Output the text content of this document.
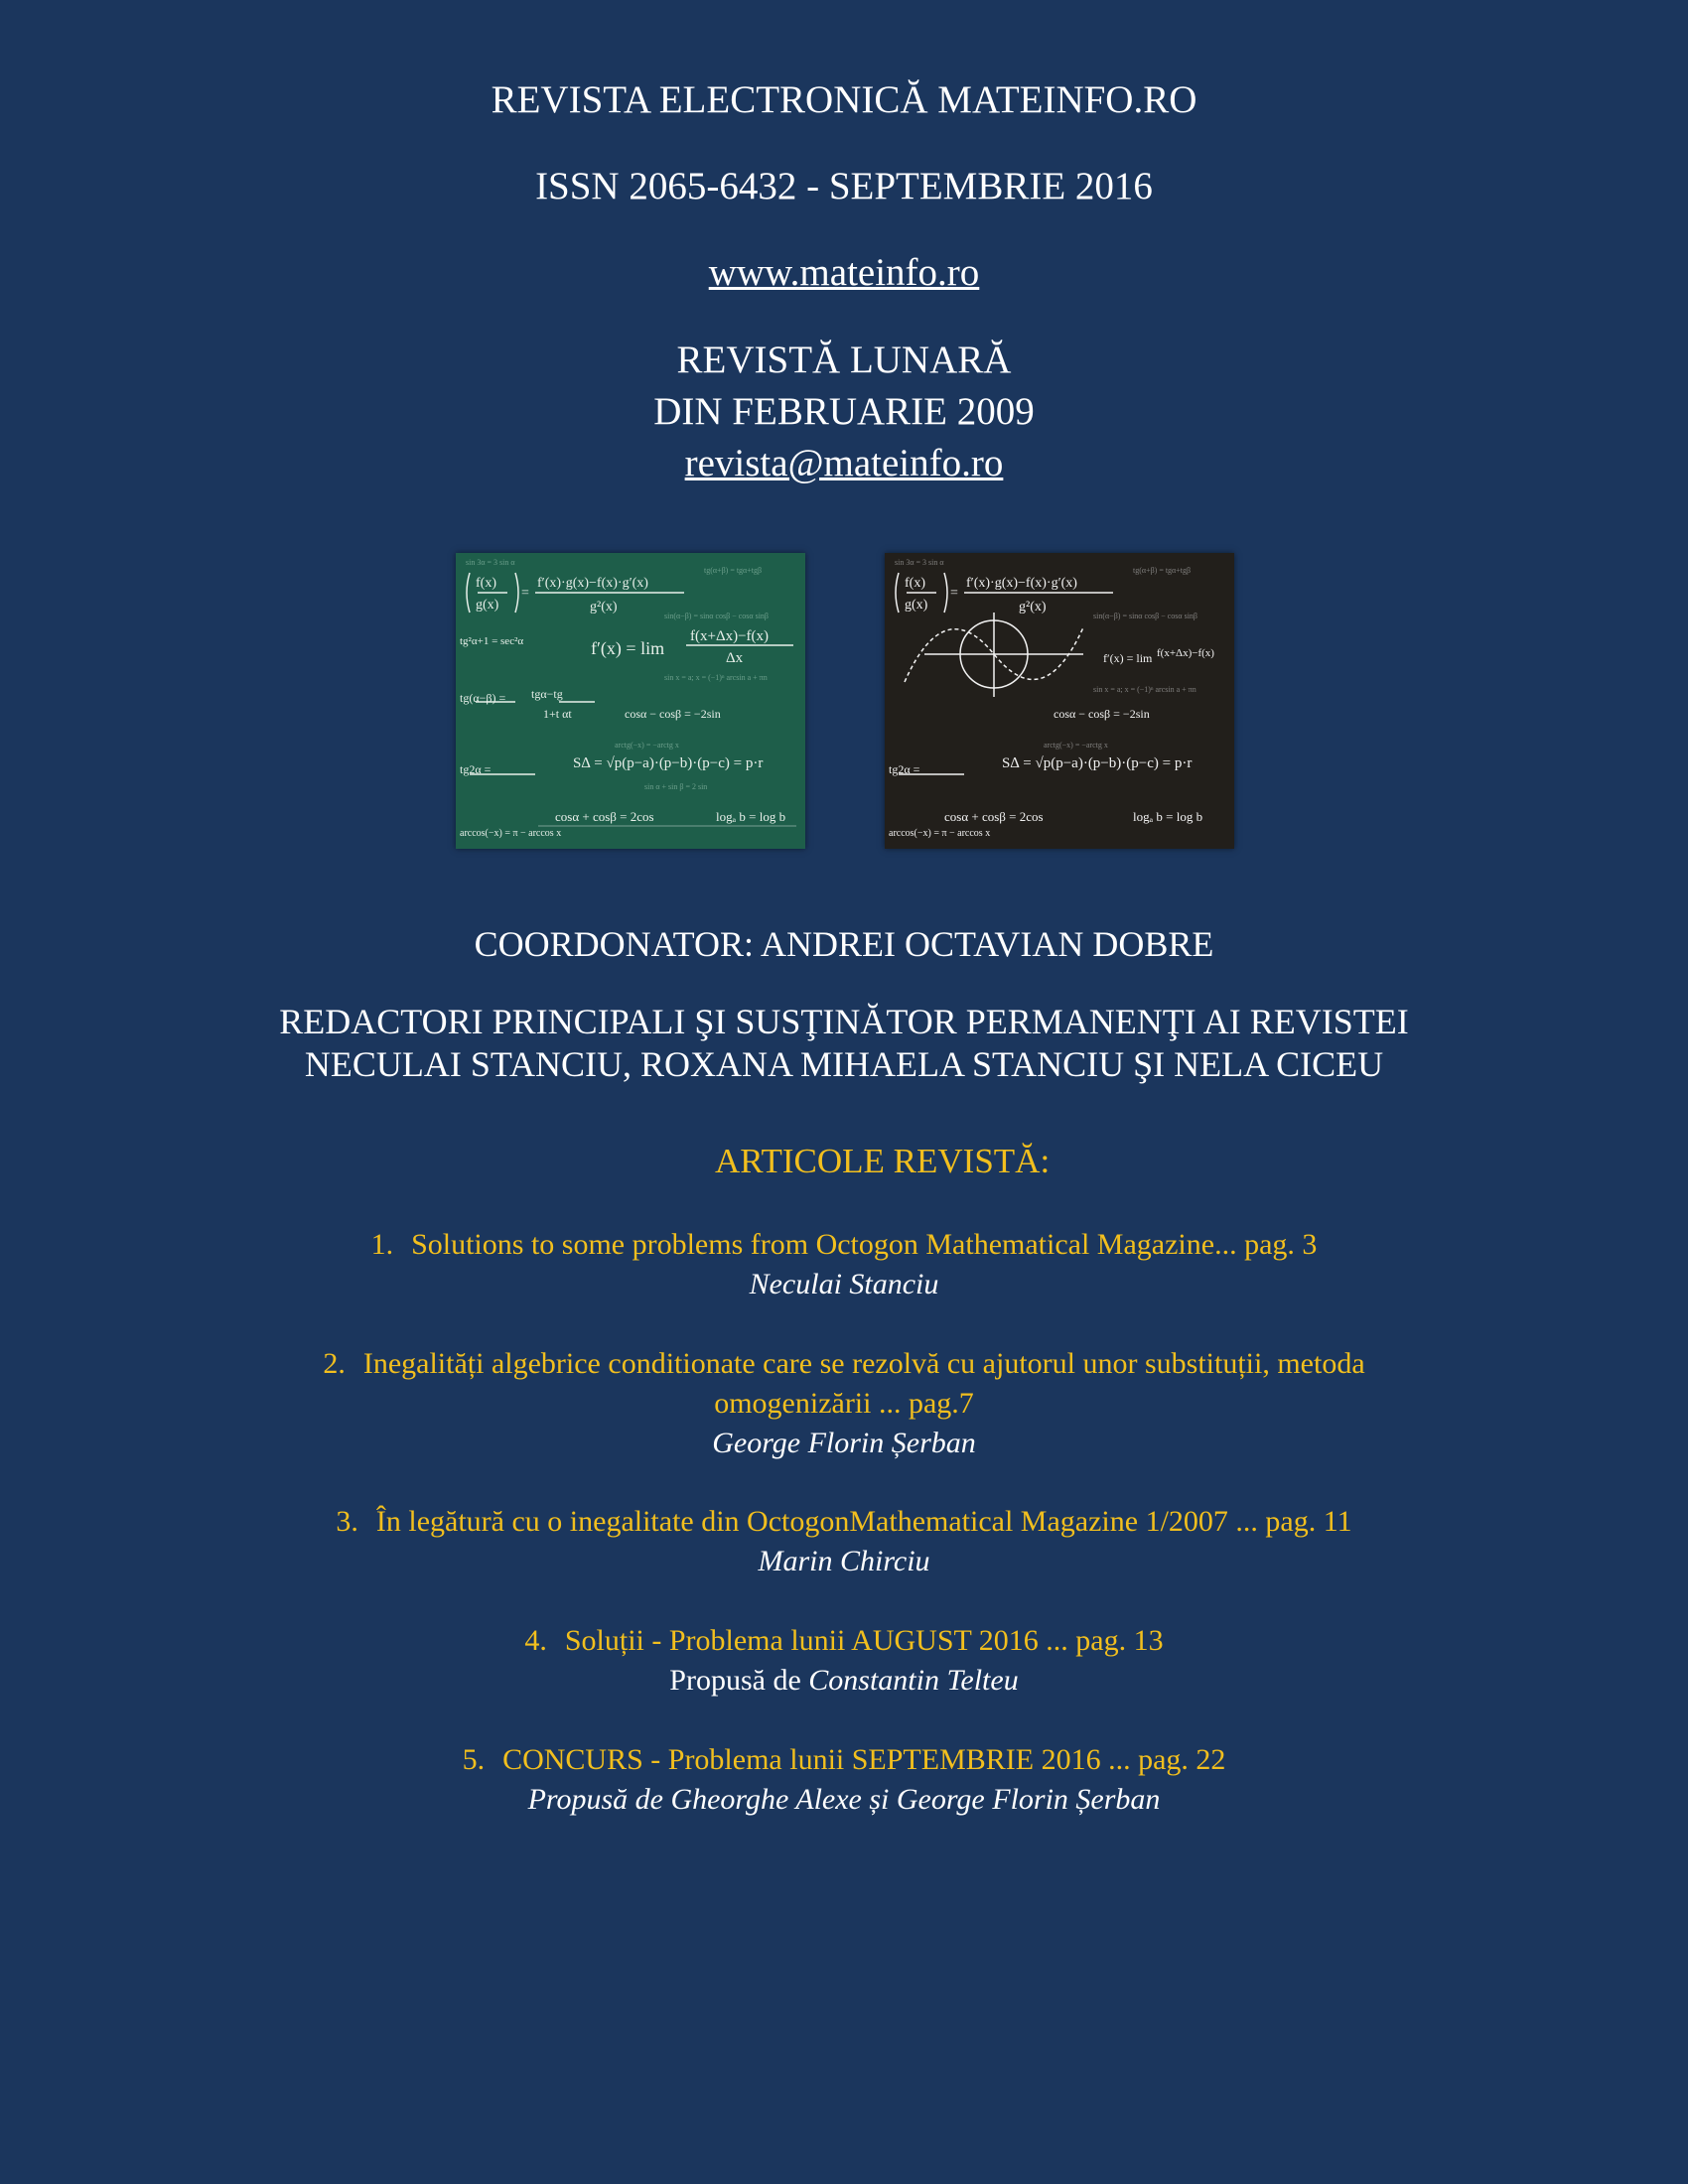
REVISTA ELECTRONICĂ MATEINFO.RO
ISSN 2065-6432 - SEPTEMBRIE 2016
www.mateinfo.ro
REVISTĂ LUNARĂ
DIN FEBRUARIE 2009
revista@mateinfo.ro
f(x)
g(x)
=
f′(x)·g(x)−f(x)·g′(x)
g²(x)
tg²α+1 = sec²α	f′(x) = lim
f(x+Δx)−f(x)
Δx
tg(α−β) = tgα−tg
1+t αt	cosα − cosβ = −2sin
tg2α =	S∆ = √p(p−a)·(p−b)·(p−c) = p·r
cosα + cosβ = 2cos	logₐ b = log b
arccos(−x) = π − arccos x
sin 3α = 3 sin α
tg(α+β) = tgα+tgβ
sin(α−β) = sinα cosβ − cosα sinβ
sin x = a; x = (−1)ⁿ arcsin a + πn
arctg(−x) = −arctg x
sin α + sin β = 2 sin
f(x)
g(x)
=
f′(x)·g(x)−f(x)·g′(x)
g²(x)
f′(x) = lim f(x+Δx)−f(x)
cosα − cosβ = −2sin
tg2α =	S∆ = √p(p−a)·(p−b)·(p−c) = p·r
cosα + cosβ = 2cos	logₐ b = log b
arccos(−x) = π − arccos x
sin 3α = 3 sin α
tg(α+β) = tgα+tgβ
sin(α−β) = sinα cosβ − cosα sinβ
sin x = a; x = (−1)ⁿ arcsin a + πn
arctg(−x) = −arctg x
COORDONATOR: ANDREI OCTAVIAN DOBRE
REDACTORI PRINCIPALI ŞI SUSŢINĂTOR PERMANENŢI AI REVISTEI
NECULAI STANCIU, ROXANA MIHAELA STANCIU ŞI NELA CICEU
ARTICOLE REVISTĂ:
1. Solutions to some problems from Octogon Mathematical Magazine... pag. 3
Neculai Stanciu
2. Inegalități algebrice conditionate care se rezolvă cu ajutorul unor substituții, metoda
omogenizării ... pag.7
George Florin Șerban
3. În legătură cu o inegalitate din OctogonMathematical Magazine 1/2007 ... pag. 11
Marin Chirciu
4. Soluții - Problema lunii AUGUST 2016 ... pag. 13
Propusă de Constantin Telteu
5. CONCURS - Problema lunii SEPTEMBRIE 2016 ... pag. 22
Propusă de Gheorghe Alexe și George Florin Șerban
